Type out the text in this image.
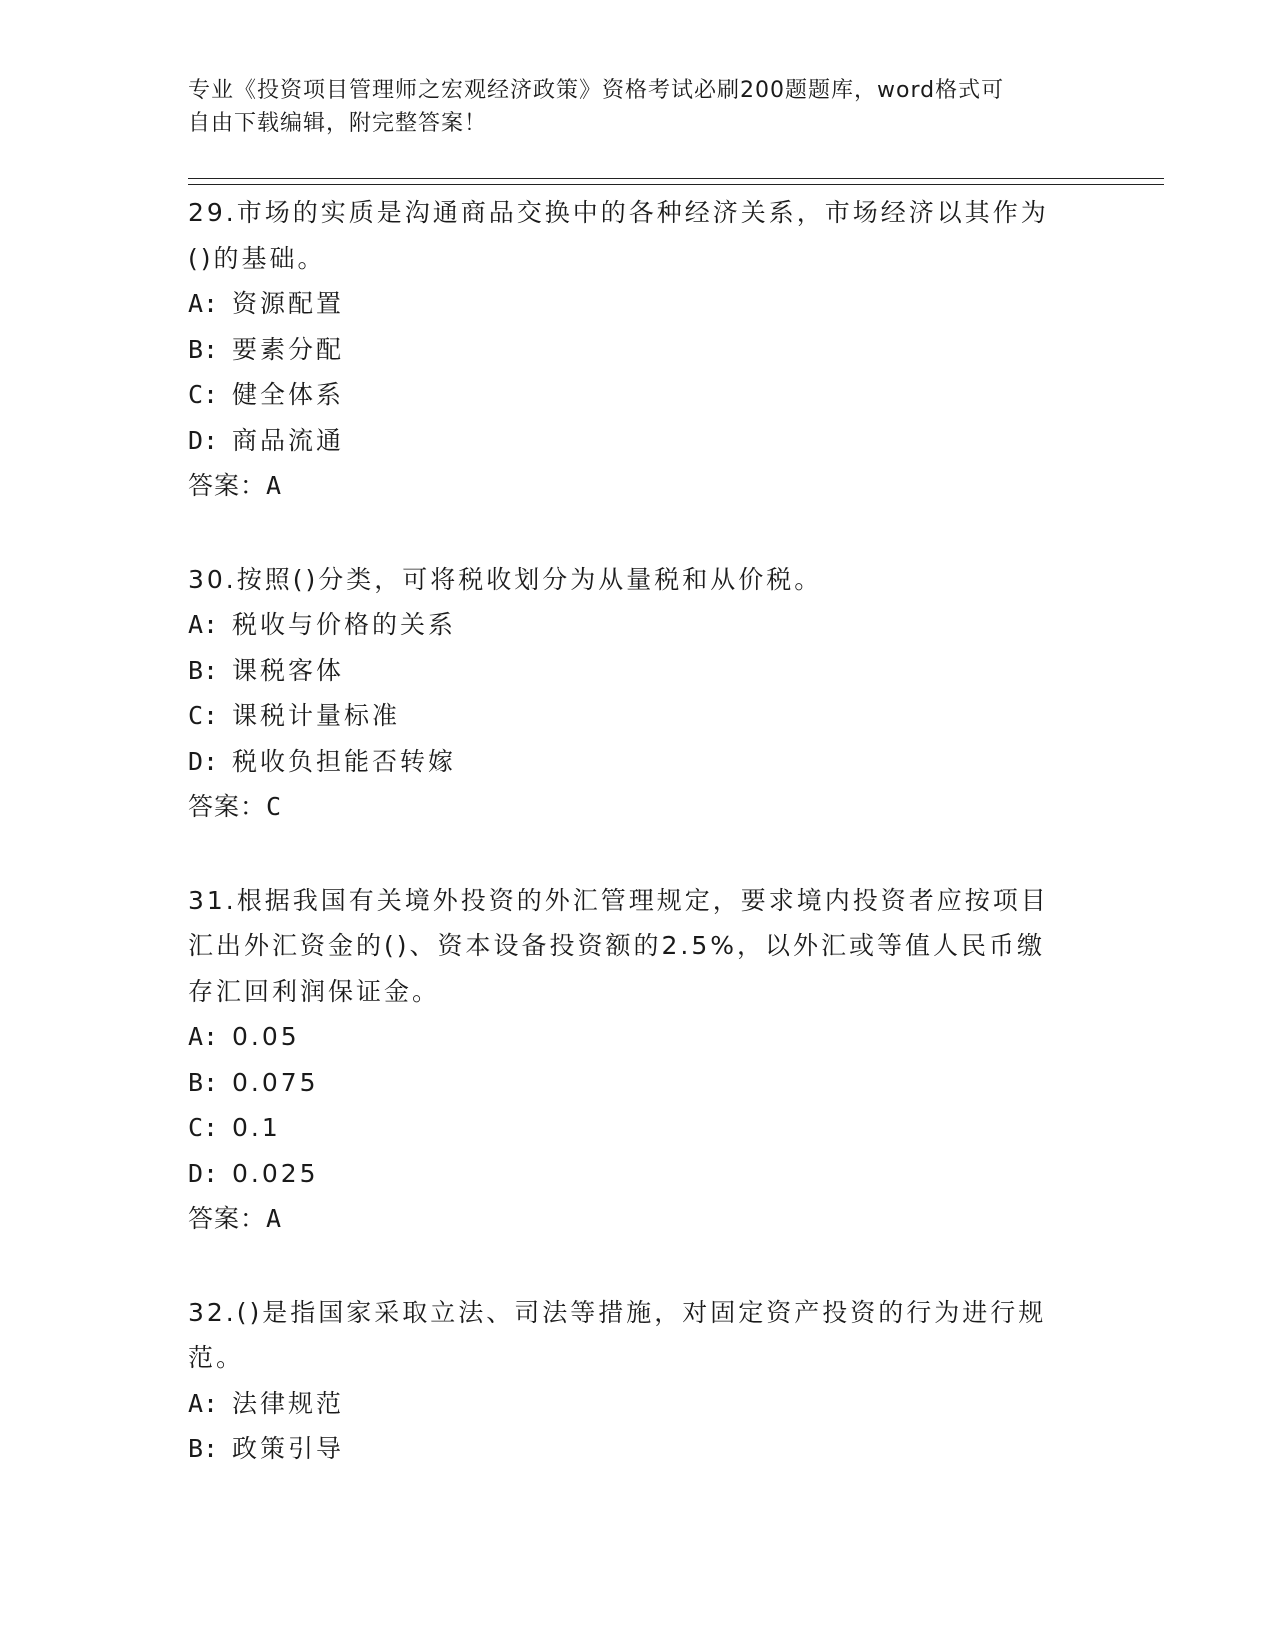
专业《投资项目管理师之宏观经济政策》资格考试必刷200题题库，word格式可
自由下载编辑，附完整答案！

29.市场的实质是沟通商品交换中的各种经济关系，市场经济以其作为

()的基础。

A: 资源配置

B: 要素分配

C: 健全体系

D: 商品流通

答案：A

30.按照()分类，可将税收划分为从量税和从价税。

A: 税收与价格的关系

B: 课税客体

C: 课税计量标准

D: 税收负担能否转嫁

答案：C

31.根据我国有关境外投资的外汇管理规定，要求境内投资者应按项目

汇出外汇资金的()、资本设备投资额的2.5%，以外汇或等值人民币缴

存汇回利润保证金。

A: 0.05

B: 0.075

C: 0.1

D: 0.025

答案：A

32.()是指国家采取立法、司法等措施，对固定资产投资的行为进行规

范。

A: 法律规范

B: 政策引导
